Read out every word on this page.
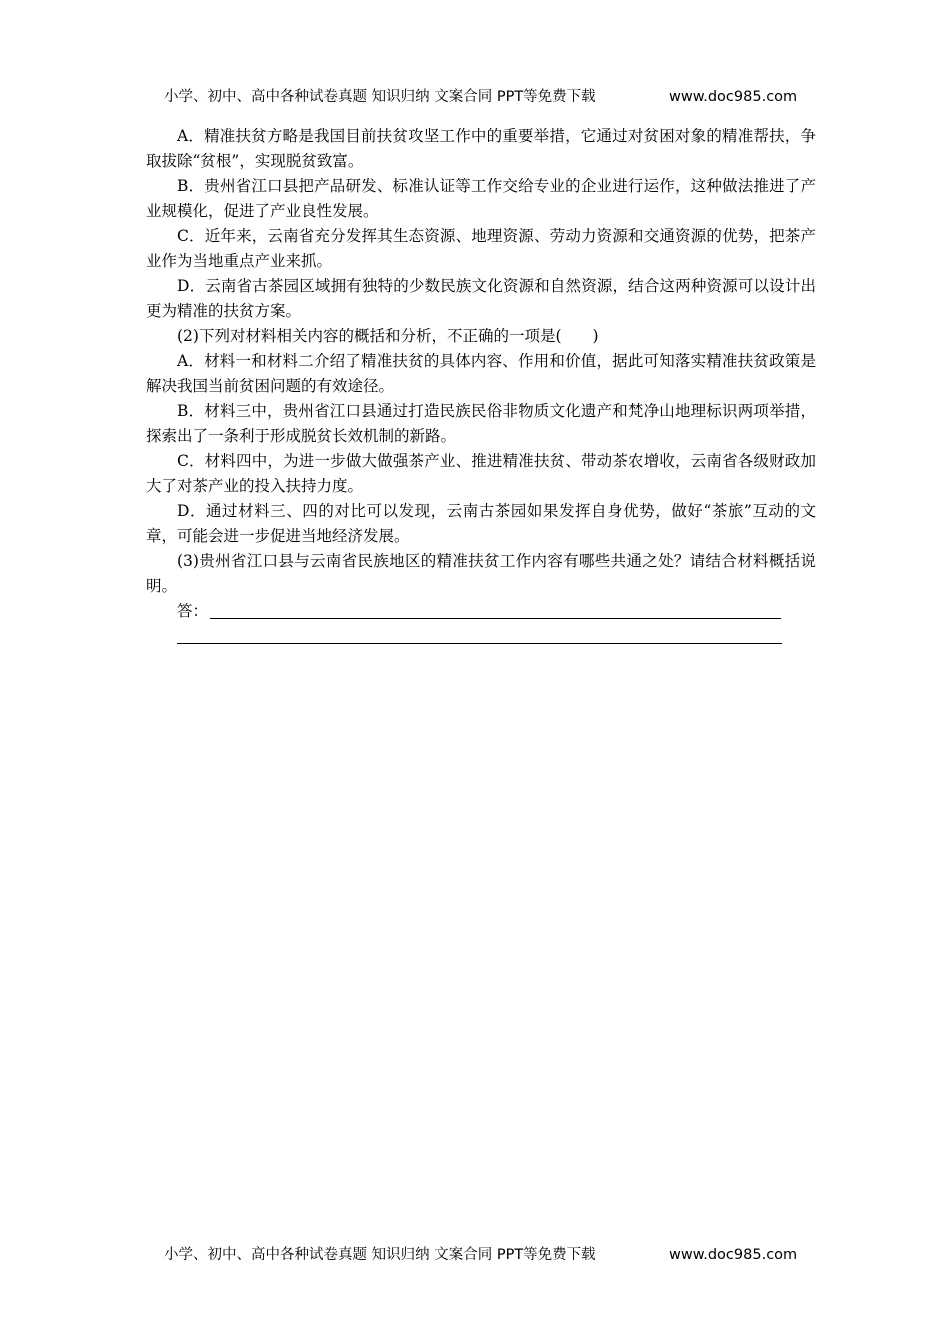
小学、初中、高中各种试卷真题 知识归纳 文案合同 PPT等免费下载	www.doc985.com

A．精准扶贫方略是我国目前扶贫攻坚工作中的重要举措，它通过对贫困对象的精准帮扶，争取拔除“贫根”，实现脱贫致富。

B．贵州省江口县把产品研发、标准认证等工作交给专业的企业进行运作，这种做法推进了产业规模化，促进了产业良性发展。

C．近年来，云南省充分发挥其生态资源、地理资源、劳动力资源和交通资源的优势，把茶产业作为当地重点产业来抓。

D．云南省古茶园区域拥有独特的少数民族文化资源和自然资源，结合这两种资源可以设计出更为精准的扶贫方案。

(2)下列对材料相关内容的概括和分析，不正确的一项是(　　)

A．材料一和材料二介绍了精准扶贫的具体内容、作用和价值，据此可知落实精准扶贫政策是解决我国当前贫困问题的有效途径。

B．材料三中，贵州省江口县通过打造民族民俗非物质文化遗产和梵净山地理标识两项举措，探索出了一条利于形成脱贫长效机制的新路。

C．材料四中，为进一步做大做强茶产业、推进精准扶贫、带动茶农增收，云南省各级财政加大了对茶产业的投入扶持力度。

D．通过材料三、四的对比可以发现，云南古茶园如果发挥自身优势，做好“茶旅”互动的文章，可能会进一步促进当地经济发展。

(3)贵州省江口县与云南省民族地区的精准扶贫工作内容有哪些共通之处？请结合材料概括说明。

答：
小学、初中、高中各种试卷真题 知识归纳 文案合同 PPT等免费下载	www.doc985.com
